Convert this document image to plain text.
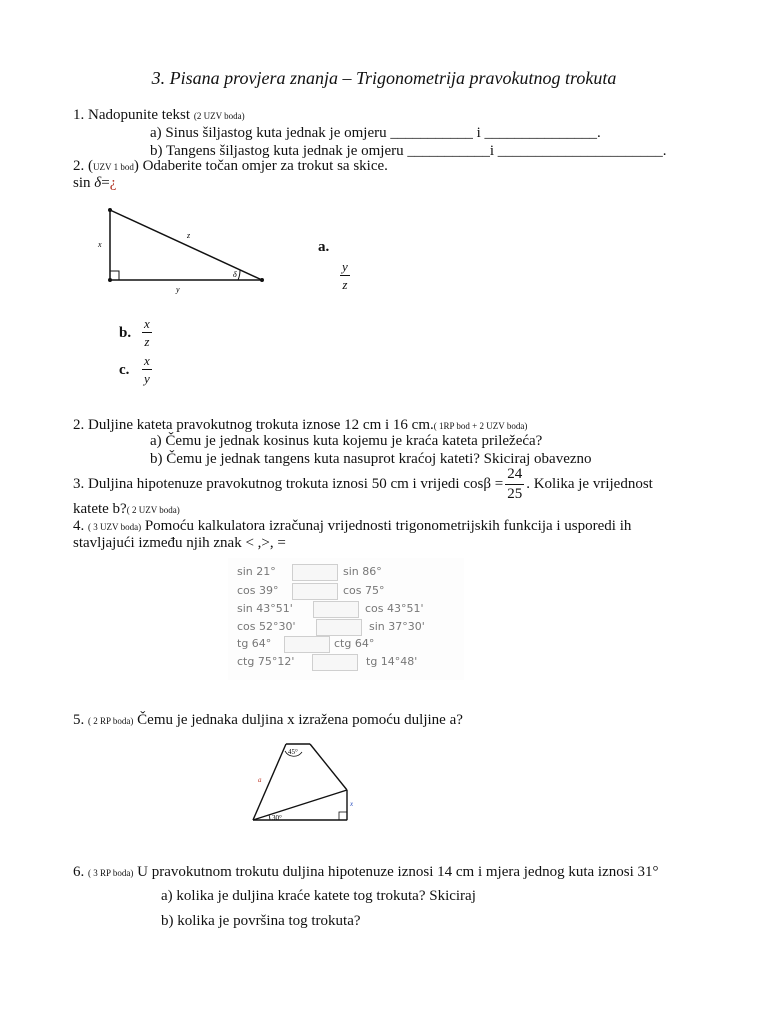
3. Pisana provjera znanja – Trigonometrija pravokutnog trokuta
1. Nadopunite tekst (2 UZV boda)
a) Sinus šiljastog kuta jednak je omjeru ___________ i _______________.
b) Tangens šiljastog kuta jednak je omjeru ___________i ______________________.
2. (UZV 1 bod) Odaberite točan omjer za trokut sa skice.
sin δ=¿
x
z
y
δ
a.
$\frac{y}{z}$
b. $\frac{x}{z}$
c. $\frac{x}{y}$
2. Duljine kateta pravokutnog trokuta iznose 12 cm i 16 cm.( 1RP bod + 2 UZV boda)
a) Čemu je jednak kosinus kuta kojemu je kraća kateta priležeća?
b) Čemu je jednak tangens kuta nasuprot kraćoj kateti? Skiciraj obavezno
3. Duljina hipotenuze pravokutnog trokuta iznosi 50 cm i vrijedi $\cos\beta = \frac{24}{25}$ . Kolika je vrijednost
katete b?( 2 UZV boda)
4. ( 3 UZV boda) Pomoću kalkulatora izračunaj vrijednosti trigonometrijskih funkcija i usporedi ih
stavljajući između njih znak < ,>, =
sin 21°	sin 86°
cos 39°	cos 75°
sin 43°51'	cos 43°51'
cos 52°30'	sin 37°30'
tg 64°	ctg 64°
ctg 75°12'	tg 14°48'
5. ( 2 RP boda) Čemu je jednaka duljina x izražena pomoću duljine a?
45°
30°
a
x
6. ( 3 RP boda) U pravokutnom trokutu duljina hipotenuze iznosi 14 cm i mjera jednog kuta iznosi 31°
a) kolika je duljina kraće katete tog trokuta? Skiciraj
b) kolika je površina tog trokuta?
